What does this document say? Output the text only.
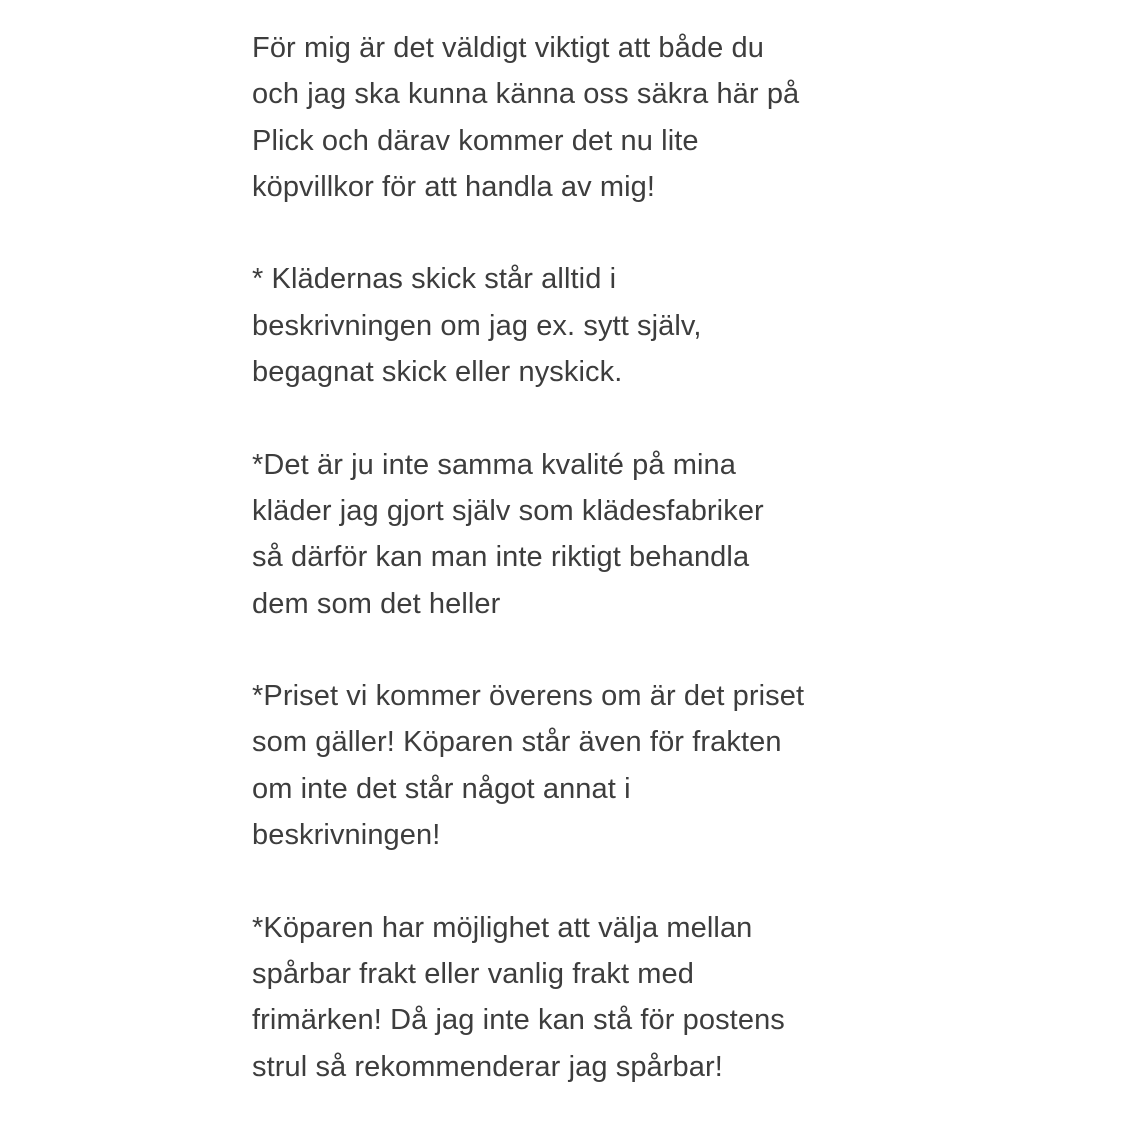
För mig är det väldigt viktigt att både du
och jag ska kunna känna oss säkra här på
Plick och därav kommer det nu lite
köpvillkor för att handla av mig!

* Klädernas skick står alltid i
beskrivningen om jag ex. sytt själv,
begagnat skick eller nyskick.

*Det är ju inte samma kvalité på mina
kläder jag gjort själv som klädesfabriker
så därför kan man inte riktigt behandla
dem som det heller

*Priset vi kommer överens om är det priset
som gäller! Köparen står även för frakten
om inte det står något annat i
beskrivningen!

*Köparen har möjlighet att välja mellan
spårbar frakt eller vanlig frakt med
frimärken! Då jag inte kan stå för postens
strul så rekommenderar jag spårbar!
